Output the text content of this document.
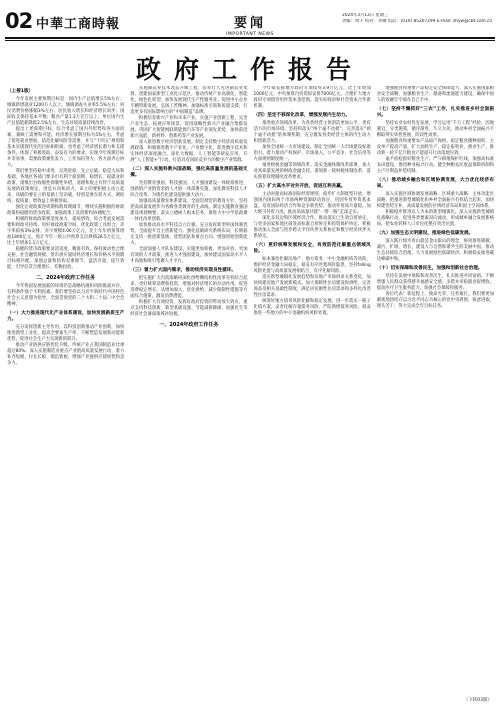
02 中華工商時報	要闻
IMPORTANT NEWS
2024年3月13日 星期三
责编：周宇 校对：齐琳 电话：(010) 85207299 E-mail: zhyw@cbt.com.cn
政府工作报告

（上接1版）

今年发展主要预期目标是：国内生产总值增长5%左右；城镇新增就业1200万人以上，城镇调查失业率5.5%左右；居民消费价格涨幅3%左右；居民收入增长和经济增长同步；国际收支保持基本平衡；粮食产量1.3万亿斤以上；单位国内生产总值能耗降低2.5%左右，生态环境质量持续改善。

提出上述预期目标，综合考虑了国内外形势和各方面因素，兼顾了需要和可能。经济增长预期目标为5%左右，考虑了促进就业增收、防范化解风险等需要，并与“十四五”规划和基本实现现代化的目标相衔接，也考虑了经济增长潜力和支撑条件，体现了积极进取、奋发有为的要求。实现今年预期目标并非易事，需要政策聚焦发力、工作加倍努力、各方面齐心协力。

我们要坚持稳中求进、以进促稳、先立后破。稳是大局和基础，各地区各部门要多出有利于稳预期、稳增长、稳就业的政策，谨慎出台收缩性抑制性举措，清理和废止有悖于高质量发展的政策规定。进是方向和动力，该立的要积极主动立起来，该破的要在立的基础上坚决破，特别是要在转方式、调结构、提质量、增效益上积极进取。

强化宏观政策逆周期和跨周期调节，继续实施积极的财政政策和稳健的货币政策，加强政策工具创新和协调配合。

积极的财政政策要适度加力、提质增效。综合考虑发展需要和财政可持续，用好财政政策空间，优化政策工具组合。赤字率拟按3%安排，赤字规模4.06万亿元，比上年年初预算增加1800亿元。预计今年一般公共预算支出规模28.5万亿元，比上年增加1.1万亿元。

稳健的货币政策要灵活适度、精准有效。保持流动性合理充裕，社会融资规模、货币供应量同经济增长和价格水平预期目标相匹配。加强总量和结构双重调节，盘活存量、提升效能，引导信贷合理增长、均衡投放。

二、2024年政府工作任务

今年我国发展面临的环境仍是战略机遇和风险挑战并存，有利条件强于不利因素。我们要坚持以习近平新时代中国特色社会主义思想为指导，全面贯彻党的二十大和二十届二中全会精神。

（一）大力推进现代化产业体系建设，加快发展新质生产力。

充分发挥创新主导作用，以科技创新推动产业创新，加快推进新型工业化，提高全要素生产率，不断塑造发展新动能新优势，促进社会生产力实现新的跃升。

推动产业链供应链优化升级。传统产业占我国制造业比重超过80%。深入实施制造业重点产业链高质量发展行动，着力补齐短板、拉长长板、锻造新板，增强产业链供应链韧性和竞争力。

实施制造业技术改造升级工程，培育壮大先进制造业集群，创建国家新型工业化示范区，推动传统产业高端化、智能化、绿色化转型。加快发展现代生产性服务业。促进中小企业专精特新发展。弘扬工匠精神。加强标准引领和质量支撑，打造更多有国际影响力的“中国制造”品牌。

积极培育新兴产业和未来产业。实施产业创新工程，完善产业生态，拓展应用场景，促进战略性新兴产业融合集群发展。巩固扩大智能网联新能源汽车等产业领先优势，加快前沿新兴氢能、新材料、创新药等产业发展。

深入推进数字经济创新发展。制定支持数字经济高质量发展政策，积极推进数字产业化、产业数字化，促进数字技术和实体经济深度融合。深化大数据、人工智能等研发应用，开展“人工智能+”行动，打造具有国际竞争力的数字产业集群。

（二）深入实施科教兴国战略，强化高质量发展的基础支撑。

坚持教育强国、科技强国、人才强国建设一体统筹推进，创新链产业链资金链人才链一体部署实施，深化教育科技人才综合改革，为现代化建设提供强大动力。

加强高质量教育体系建设。全面贯彻党的教育方针，坚持把高质量发展作为各级各类教育的生命线。制定实施教育强国建设规划纲要。落实立德树人根本任务，推进大中小学思政课一体化改革创新。

加快推动高水平科技自立自强。充分发挥新型举国体制优势，全面提升自主创新能力。强化基础研究系统布局，长期稳定支持一批创新基地、优势团队和重点方向，增强原始创新能力。

全面加强人才队伍建设。实施更加积极、更加开放、更加有效的人才政策，推进人才强国建设。加快建设国家高水平人才高地和吸引集聚人才平台。

（三）着力扩大国内需求，推动经济实现良性循环。

把实施扩大内需战略同深化供给侧结构性改革有机结合起来，更好统筹消费和投资，增强对经济增长的拉动作用。促进消费稳定增长。从增加收入、优化供给、减少限制性措施等方面综合施策，激发消费潜能。

积极扩大有效投资。发挥好政府投资的带动放大效应，重点支持科技创新、新型基础设施、节能减排降碳，加强民生等经济社会薄弱领域补短板。

一、2024年政府工作任务

今年拟安排地方政府专项债券3.9万亿元，比上年增加1000亿元。中央预算内投资拟安排7000亿元。合理扩大地方政府专项债券用作资本金范围。落实好政府和社会资本合作新机制。

（四）坚定不移深化改革，增强发展内生动力。

推进重点领域改革，为各类经营主体创造更加公平、更有活力的市场环境。坚持和落实“两个毫不动摇”。完善落实“两个毫不动摇”的体制机制，充分激发各类经营主体的内生动力和创新活力。

加快全国统一大市场建设。制定全国统一大市场建设标准指引。着力推动产权保护、市场准入、公平竞争、社会信用等方面规则制度统一。

推进财税金融等领域改革。落实金融体制改革部署，加大对高质量发展的财政金融支持。谋划新一轮财税体制改革，落实预算管理制度改革要求。

（五）扩大高水平对外开放，促进互利共赢。

主动对接高标准国际经贸规则，稳步扩大制度型开放，增强国内国际两个市场两种资源联动效应，巩固外贸外资基本盘，培育国际经济合作和竞争新优势。推动外贸质升量稳。加大吸引外资力度。推动高质量共建“一带一路”走深走实。

深化多双边和区域经济合作。推动落实已生效自贸协定，与更多国家和地区商签高标准自贸协定和投资保护协定。积极推动加入全面与进步跨太平洋伙伴关系协定和数字经济伙伴关系协定。

（六）更好统筹发展和安全，有效防范化解重点领域风险。

标本兼治化解房地产、地方债务、中小金融机构等风险，维护经济金融大局稳定。稳妥有序处置风险隐患，坚持falling风险处置与高质量发展相结合，有序化解风险。

适应新型城镇化发展趋势和房地产市场供求关系变化，加快构建房地产发展新模式。加大保障性住房建设和供给，完善商品房相关基础性制度，满足居民刚性住房需求和多样化改善性住房需求。

统筹好地方债务风险化解和稳定发展，进一步落实一揽子化债方案，妥善化解存量债务风险、严防新增债务风险。稳妥推进一些地方的中小金融机构风险处置。

增强粮食和重要产品稳定安全保障能力。深入实施国家粮食安全战略，加强粮食生产、储备和流通能力建设，确保中国人的饭碗牢牢端在自己手中。

（七）坚持不懈抓好“三农”工作，扎实推进乡村全面振兴。

坚持农业农村优先发展，学习运用“千万工程”经验，因地制宜、分类施策，循序渐进、久久为功，推动乡村全面振兴不断取得实质性进展、阶段性成果。

加强粮食和重要农产品稳产保供。稳定粮食播种面积，主攻单产提高产量。扩大油料生产，稳定畜牧业、渔业生产，推动新一轮千亿斤粮食产能提升行动落地见效。

毫不放松抓好粮食生产。严守耕地保护红线，加强高标准农田建设，推进种业振兴行动。健全种粮农民收益保障机制和主产区利益补偿机制。

（八）推动城乡融合和区域协调发展，大力优化经济布局。

深入实施区域协调发展战略、区域重大战略、主体功能区战略，把推进新型城镇化和乡村全面振兴有机结合起来，加快构建优势互补、高质量发展的区域经济布局和国土空间体系。

积极稳步推进以人为本的新型城镇化。深入实施新型城镇化战略行动，促进各类要素双向流动，形成城乡融合发展新格局。把农业转移人口市民化摆在突出位置。

（九）加强生态文明建设，推进绿色低碳发展。

深入践行绿水青山就是金山银山的理念，协同推进降碳、减污、扩绿、增长，建设人与自然和谐共生的美丽中国。推动生态环境综合治理。大力发展绿色低碳经济。积极稳妥推进碳达峰碳中和。

（十）切实保障和改善民生，加强和创新社会治理。

坚持在发展中保障和改善民生，扎实推进共同富裕，不断增强人民群众获得感幸福感安全感。多措并举稳就业促增收。提高医疗卫生服务能力。加强社会保障和服务。

各位代表！新征程上，使命光荣、任务艰巨。我们要更加紧密地团结在以习近平同志为核心的党中央周围，锐意进取、埋头苦干，努力完成全年目标任务。

（下转03版）
